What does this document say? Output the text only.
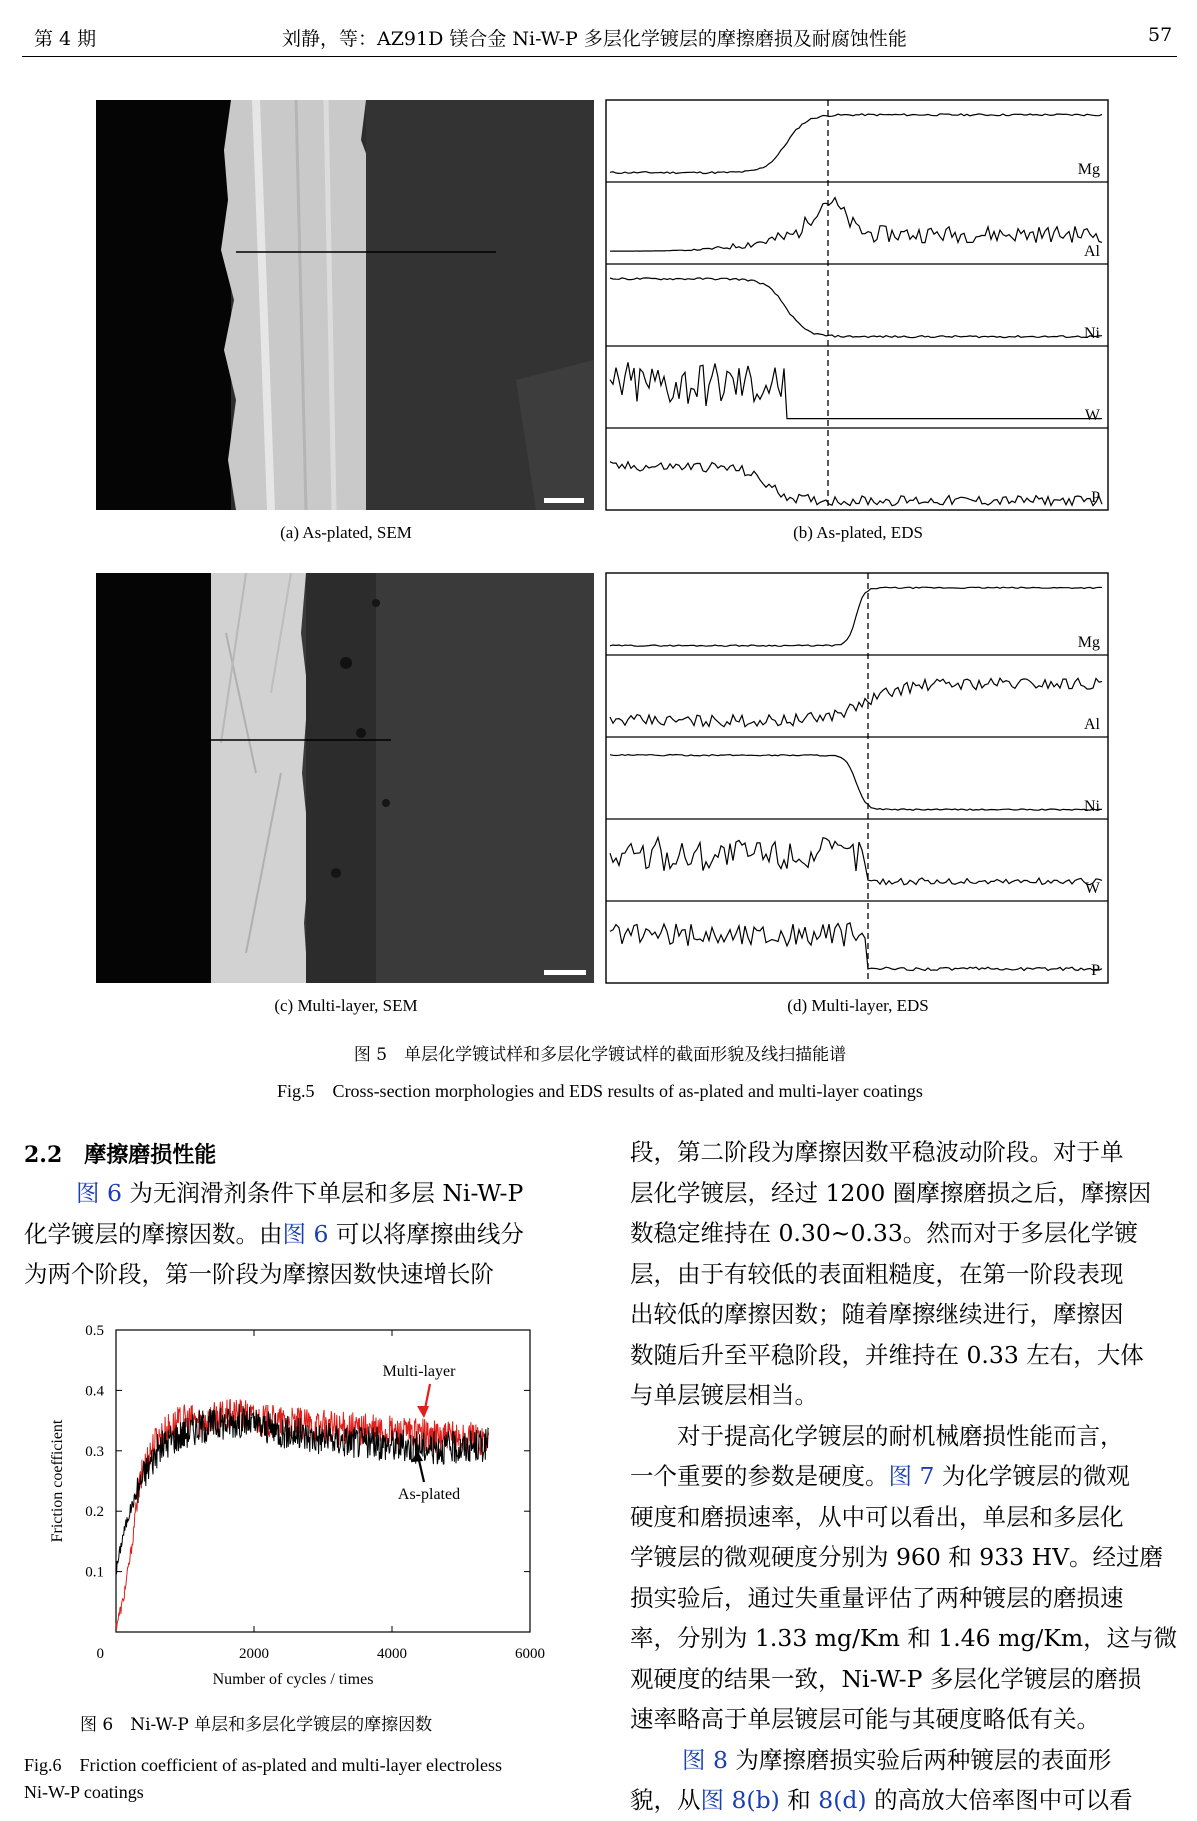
第 4 期	刘静，等：AZ91D 镁合金 Ni-W-P 多层化学镀层的摩擦磨损及耐腐蚀性能	57
Mg
Al
Ni
W
P
(a) As-plated, SEM	(b) As-plated, EDS
Mg
Al
Ni
W
P
(c) Multi-layer, SEM	(d) Multi-layer, EDS
图 5　单层化学镀试样和多层化学镀试样的截面形貌及线扫描能谱
Fig.5　Cross-section morphologies and EDS results of as-plated and multi-layer coatings
2.2　摩擦磨损性能
图 6 为无润滑剂条件下单层和多层 Ni-W-P
化学镀层的摩擦因数。由图 6 可以将摩擦曲线分
为两个阶段，第一阶段为摩擦因数快速增长阶
0.1
0.2
0.3
0.4
0.5
0	2000	4000	6000
Number of cycles / times
Friction coefficient
Multi-layer
As-plated
图 6　Ni-W-P 单层和多层化学镀层的摩擦因数
Fig.6　Friction coefficient of as-plated and multi-layer electroless
Ni-W-P coatings
段，第二阶段为摩擦因数平稳波动阶段。对于单
层化学镀层，经过 1200 圈摩擦磨损之后，摩擦因
数稳定维持在 0.30~0.33。然而对于多层化学镀
层，由于有较低的表面粗糙度，在第一阶段表现
出较低的摩擦因数；随着摩擦继续进行，摩擦因
数随后升至平稳阶段，并维持在 0.33 左右，大体
与单层镀层相当。
　　对于提高化学镀层的耐机械磨损性能而言，
一个重要的参数是硬度。图 7 为化学镀层的微观
硬度和磨损速率，从中可以看出，单层和多层化
学镀层的微观硬度分别为 960 和 933 HV。经过磨
损实验后，通过失重量评估了两种镀层的磨损速
率，分别为 1.33 mg/Km 和 1.46 mg/Km，这与微
观硬度的结果一致，Ni-W-P 多层化学镀层的磨损
速率略高于单层镀层可能与其硬度略低有关。
图 8 为摩擦磨损实验后两种镀层的表面形
貌，从图 8(b) 和 8(d) 的高放大倍率图中可以看
